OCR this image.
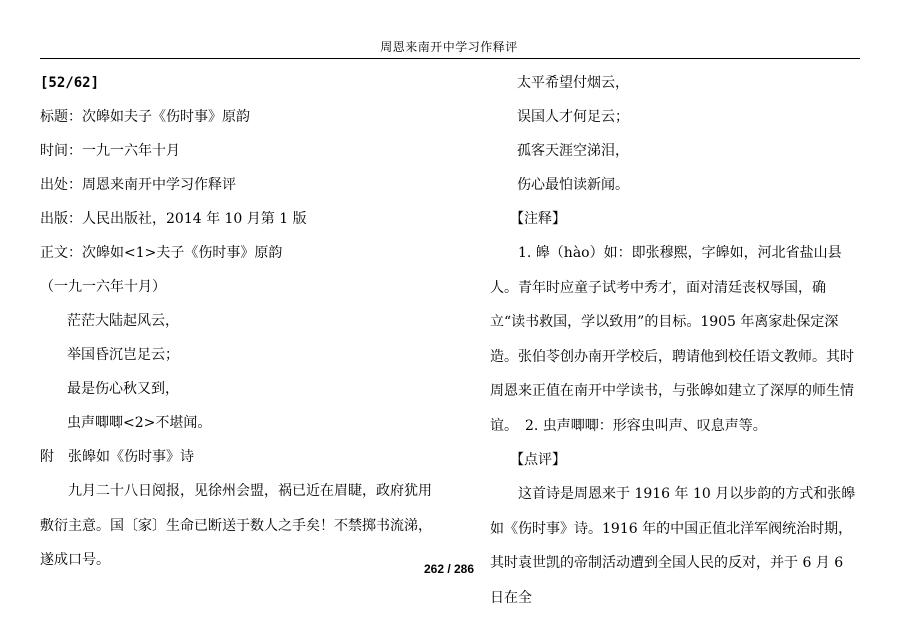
周恩来南开中学习作释评
[52/62]
标题：次皞如夫子《伤时事》原韵
时间：一九一六年十月
出处：周恩来南开中学习作释评
出版：人民出版社，2014 年 10 月第 1 版
正文：次皞如<1>夫子《伤时事》原韵
（一九一六年十月）
茫茫大陆起风云，
举国昏沉岂足云；
最是伤心秋又到，
虫声唧唧<2>不堪闻。
附　张皞如《伤时事》诗

九月二十八日阅报，见徐州会盟，祸已近在眉睫，政府犹用敷衍主意。国〔家〕生命已断送于数人之手矣！不禁掷书流涕，遂成口号。

太平希望付烟云，
误国人才何足云；
孤客天涯空涕泪，
伤心最怕读新闻。
【注释】

1. 皞（hào）如：即张穆熙，字皞如，河北省盐山县人。青年时应童子试考中秀才，面对清廷丧权辱国，确立“读书救国，学以致用”的目标。1905 年离家赴保定深造。张伯苓创办南开学校后，聘请他到校任语文教师。其时周恩来正值在南开中学读书，与张皞如建立了深厚的师生情谊。　2. 虫声唧唧：形容虫叫声、叹息声等。

【点评】

这首诗是周恩来于 1916 年 10 月以步韵的方式和张皞如《伤时事》诗。1916 年的中国正值北洋军阀统治时期，其时袁世凯的帝制活动遭到全国人民的反对，并于 6 月 6 日在全

262 / 286
